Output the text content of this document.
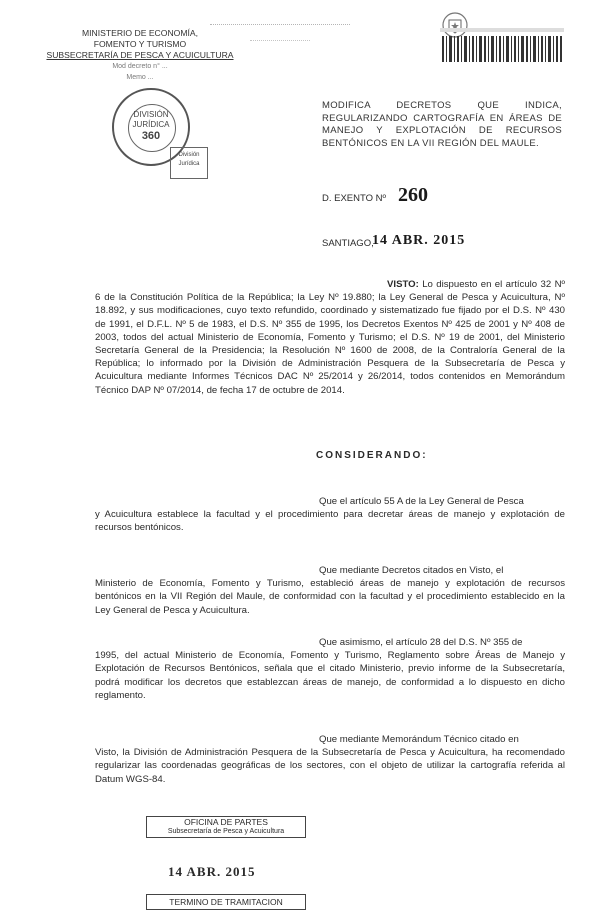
MINISTERIO DE ECONOMÍA,
FOMENTO Y TURISMO
SUBSECRETARÍA DE PESCA Y ACUICULTURA
Mod decreto n° ...
Memo ...
DIVISIÓN
JURÍDICA
360
División
Jurídica
MODIFICA DECRETOS QUE INDICA, REGULARIZANDO CARTOGRAFÍA EN ÁREAS DE MANEJO Y EXPLOTACIÓN DE RECURSOS BENTÓNICOS EN LA VII REGIÓN DEL MAULE.
D. EXENTO Nº 260
SANTIAGO,
14 ABR. 2015
VISTO: Lo dispuesto en el artículo 32 Nº 6 de la Constitución Política de la República; la Ley Nº 19.880; la Ley General de Pesca y Acuicultura, Nº 18.892, y sus modificaciones, cuyo texto refundido, coordinado y sistematizado fue fijado por el D.S. Nº 430 de 1991, el D.F.L. Nº 5 de 1983, el D.S. Nº 355 de 1995, los Decretos Exentos Nº 425 de 2001 y Nº 408 de 2003, todos del actual Ministerio de Economía, Fomento y Turismo; el D.S. Nº 19 de 2001, del Ministerio Secretaría General de la Presidencia; la Resolución Nº 1600 de 2008, de la Contraloría General de la República; lo informado por la División de Administración Pesquera de la Subsecretaría de Pesca y Acuicultura mediante Informes Técnicos DAC Nº 25/2014 y 26/2014, todos contenidos en Memorándum Técnico DAP Nº 07/2014, de fecha 17 de octubre de 2014.
CONSIDERANDO:
Que el artículo 55 A de la Ley General de Pesca
y Acuicultura establece la facultad y el procedimiento para decretar áreas de manejo y explotación de recursos bentónicos.
Que mediante Decretos citados en Visto, el
Ministerio de Economía, Fomento y Turismo, estableció áreas de manejo y explotación de recursos bentónicos en la VII Región del Maule, de conformidad con la facultad y el procedimiento establecido en la Ley General de Pesca y Acuicultura.
Que asimismo, el artículo 28 del D.S. Nº 355 de
1995, del actual Ministerio de Economía, Fomento y Turismo, Reglamento sobre Áreas de Manejo y Explotación de Recursos Bentónicos, señala que el citado Ministerio, previo informe de la Subsecretaría, podrá modificar los decretos que establezcan áreas de manejo, de conformidad a lo dispuesto en dicho reglamento.
Que mediante Memorándum Técnico citado en
Visto, la División de Administración Pesquera de la Subsecretaría de Pesca y Acuicultura, ha recomendado regularizar las coordenadas geográficas de los sectores, con el objeto de utilizar la cartografía referida al Datum WGS-84.
OFICINA DE PARTES
Subsecretaría de Pesca y Acuicultura
14 ABR. 2015
TERMINO DE TRAMITACION
